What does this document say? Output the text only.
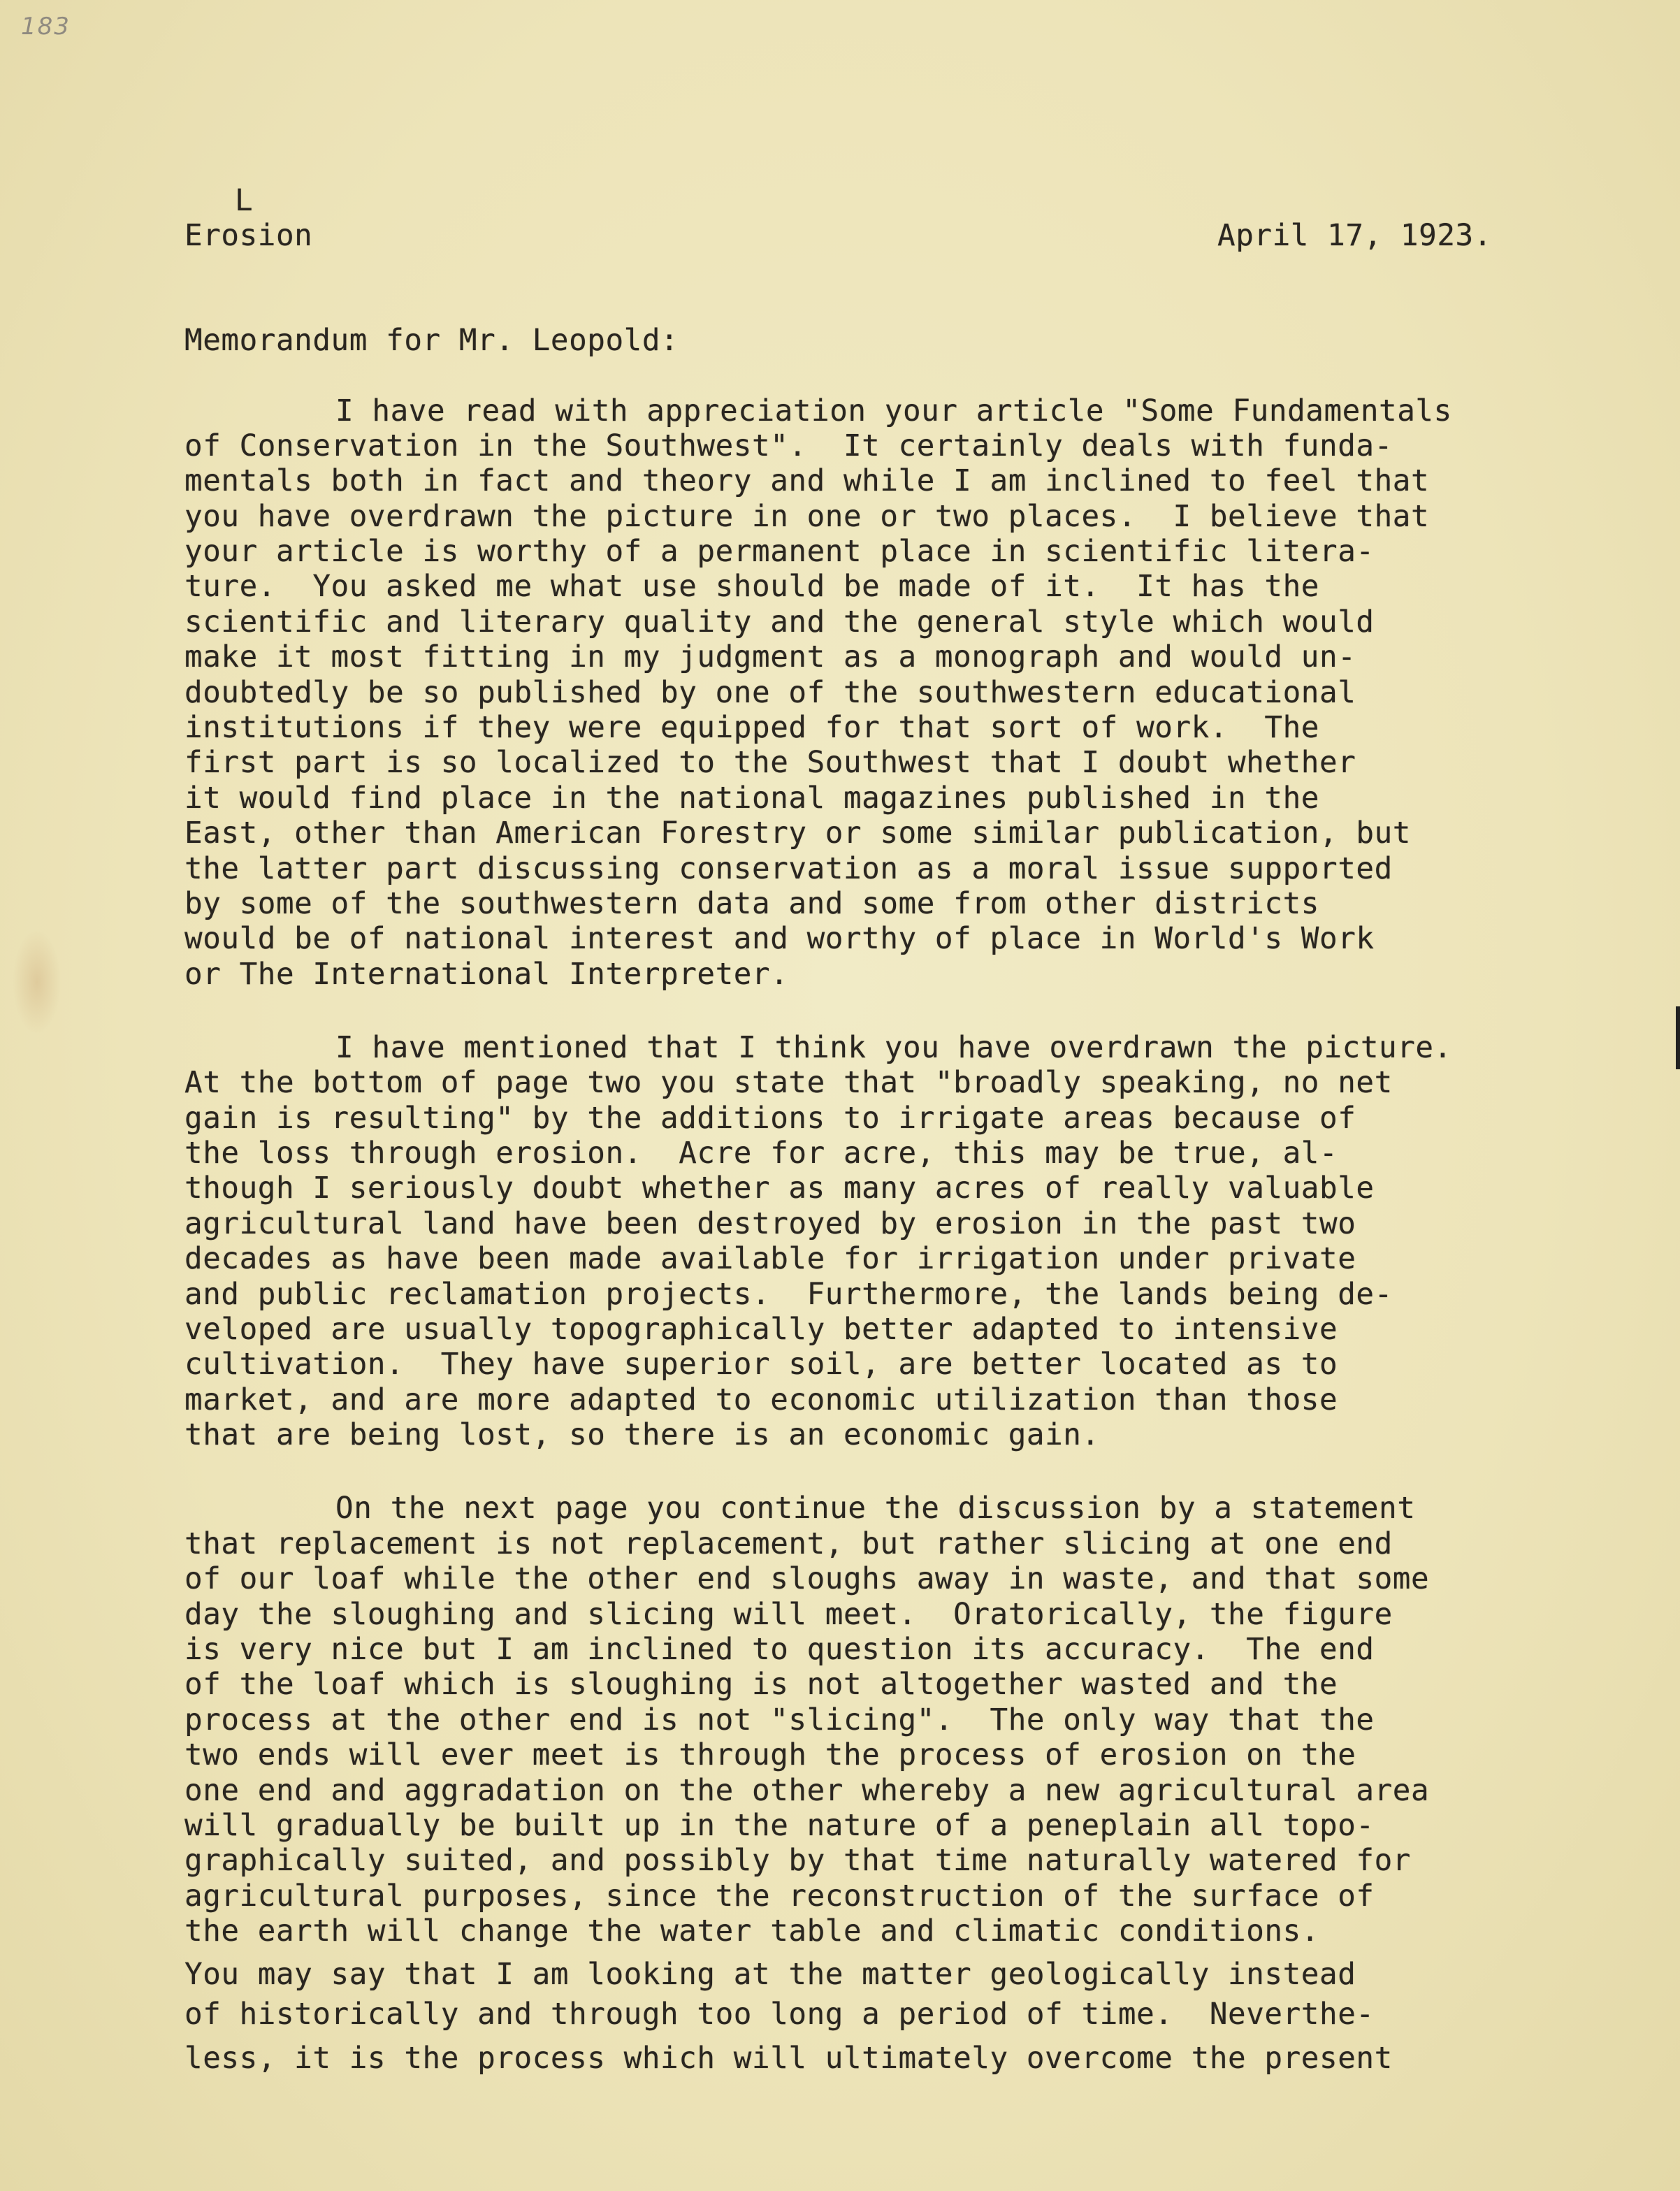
183
L
Erosion	April 17, 1923.
Memorandum for Mr. Leopold:
I have read with appreciation your article "Some Fundamentals
of Conservation in the Southwest".  It certainly deals with funda-
mentals both in fact and theory and while I am inclined to feel that
you have overdrawn the picture in one or two places.  I believe that
your article is worthy of a permanent place in scientific litera-
ture.  You asked me what use should be made of it.  It has the
scientific and literary quality and the general style which would
make it most fitting in my judgment as a monograph and would un-
doubtedly be so published by one of the southwestern educational
institutions if they were equipped for that sort of work.  The
first part is so localized to the Southwest that I doubt whether
it would find place in the national magazines published in the
East, other than American Forestry or some similar publication, but
the latter part discussing conservation as a moral issue supported
by some of the southwestern data and some from other districts
would be of national interest and worthy of place in World's Work
or The International Interpreter.
I have mentioned that I think you have overdrawn the picture.
At the bottom of page two you state that "broadly speaking, no net
gain is resulting" by the additions to irrigate areas because of
the loss through erosion.  Acre for acre, this may be true, al-
though I seriously doubt whether as many acres of really valuable
agricultural land have been destroyed by erosion in the past two
decades as have been made available for irrigation under private
and public reclamation projects.  Furthermore, the lands being de-
veloped are usually topographically better adapted to intensive
cultivation.  They have superior soil, are better located as to
market, and are more adapted to economic utilization than those
that are being lost, so there is an economic gain.
On the next page you continue the discussion by a statement
that replacement is not replacement, but rather slicing at one end
of our loaf while the other end sloughs away in waste, and that some
day the sloughing and slicing will meet.  Oratorically, the figure
is very nice but I am inclined to question its accuracy.  The end
of the loaf which is sloughing is not altogether wasted and the
process at the other end is not "slicing".  The only way that the
two ends will ever meet is through the process of erosion on the
one end and aggradation on the other whereby a new agricultural area
will gradually be built up in the nature of a peneplain all topo-
graphically suited, and possibly by that time naturally watered for
agricultural purposes, since the reconstruction of the surface of
the earth will change the water table and climatic conditions.
You may say that I am looking at the matter geologically instead
of historically and through too long a period of time.  Neverthe-
less, it is the process which will ultimately overcome the present
